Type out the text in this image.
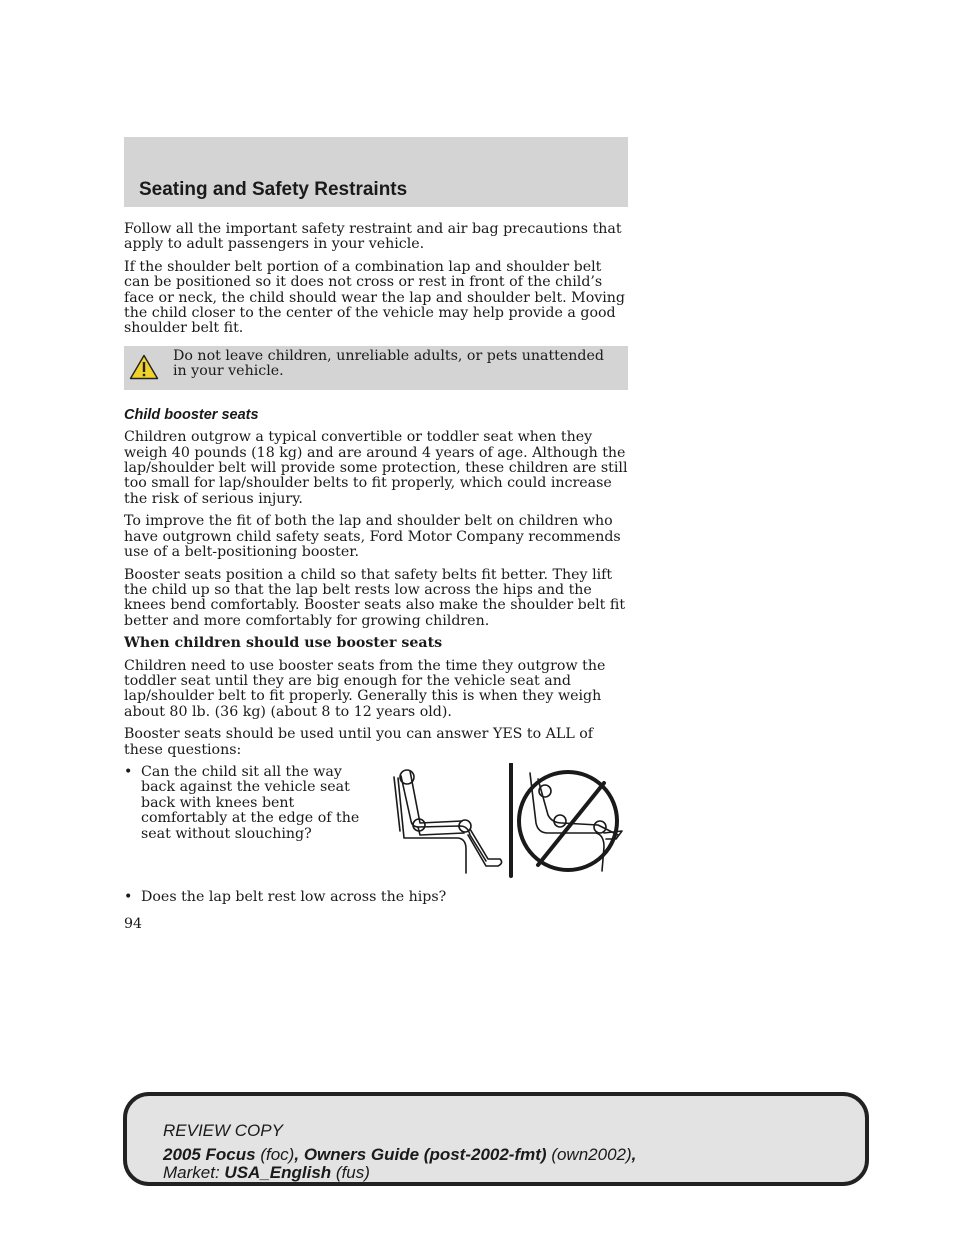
Seating and Safety Restraints

Follow all the important safety restraint and air bag precautions that apply to adult passengers in your vehicle.

If the shoulder belt portion of a combination lap and shoulder belt can be positioned so it does not cross or rest in front of the child’s face or neck, the child should wear the lap and shoulder belt. Moving the child closer to the center of the vehicle may help provide a good shoulder belt fit.

Do not leave children, unreliable adults, or pets unattended in your vehicle.
Child booster seats

Children outgrow a typical convertible or toddler seat when they weigh 40 pounds (18 kg) and are around 4 years of age. Although the lap/shoulder belt will provide some protection, these children are still too small for lap/shoulder belts to fit properly, which could increase the risk of serious injury.

To improve the fit of both the lap and shoulder belt on children who have outgrown child safety seats, Ford Motor Company recommends use of a belt-positioning booster.

Booster seats position a child so that safety belts fit better. They lift the child up so that the lap belt rests low across the hips and the knees bend comfortably. Booster seats also make the shoulder belt fit better and more comfortably for growing children.

When children should use booster seats

Children need to use booster seats from the time they outgrow the toddler seat until they are big enough for the vehicle seat and lap/shoulder belt to fit properly. Generally this is when they weigh about 80 lb. (36 kg) (about 8 to 12 years old).

Booster seats should be used until you can answer YES to ALL of these questions:

• Can the child sit all the way back against the vehicle seat back with knees bent comfortably at the edge of the seat without slouching?
• Does the lap belt rest low across the hips?
94
REVIEW COPY
2005 Focus (foc), Owners Guide (post-2002-fmt) (own2002),
Market: USA_English (fus)
